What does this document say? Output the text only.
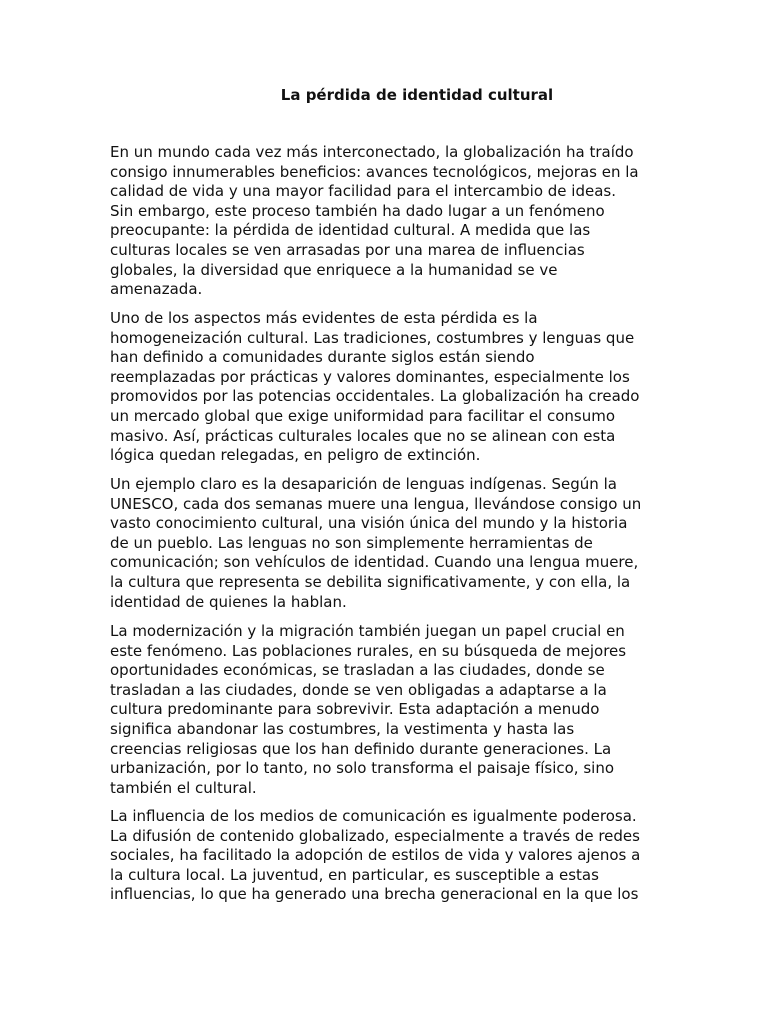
La pérdida de identidad cultural

En un mundo cada vez más interconectado, la globalización ha traído
consigo innumerables beneficios: avances tecnológicos, mejoras en la
calidad de vida y una mayor facilidad para el intercambio de ideas.
Sin embargo, este proceso también ha dado lugar a un fenómeno
preocupante: la pérdida de identidad cultural. A medida que las
culturas locales se ven arrasadas por una marea de influencias
globales, la diversidad que enriquece a la humanidad se ve
amenazada.

Uno de los aspectos más evidentes de esta pérdida es la
homogeneización cultural. Las tradiciones, costumbres y lenguas que
han definido a comunidades durante siglos están siendo
reemplazadas por prácticas y valores dominantes, especialmente los
promovidos por las potencias occidentales. La globalización ha creado
un mercado global que exige uniformidad para facilitar el consumo
masivo. Así, prácticas culturales locales que no se alinean con esta
lógica quedan relegadas, en peligro de extinción.

Un ejemplo claro es la desaparición de lenguas indígenas. Según la
UNESCO, cada dos semanas muere una lengua, llevándose consigo un
vasto conocimiento cultural, una visión única del mundo y la historia
de un pueblo. Las lenguas no son simplemente herramientas de
comunicación; son vehículos de identidad. Cuando una lengua muere,
la cultura que representa se debilita significativamente, y con ella, la
identidad de quienes la hablan.

La modernización y la migración también juegan un papel crucial en
este fenómeno. Las poblaciones rurales, en su búsqueda de mejores
oportunidades económicas, se trasladan a las ciudades, donde se
trasladan a las ciudades, donde se ven obligadas a adaptarse a la
cultura predominante para sobrevivir. Esta adaptación a menudo
significa abandonar las costumbres, la vestimenta y hasta las
creencias religiosas que los han definido durante generaciones. La
urbanización, por lo tanto, no solo transforma el paisaje físico, sino
también el cultural.

La influencia de los medios de comunicación es igualmente poderosa.
La difusión de contenido globalizado, especialmente a través de redes
sociales, ha facilitado la adopción de estilos de vida y valores ajenos a
la cultura local. La juventud, en particular, es susceptible a estas
influencias, lo que ha generado una brecha generacional en la que los
